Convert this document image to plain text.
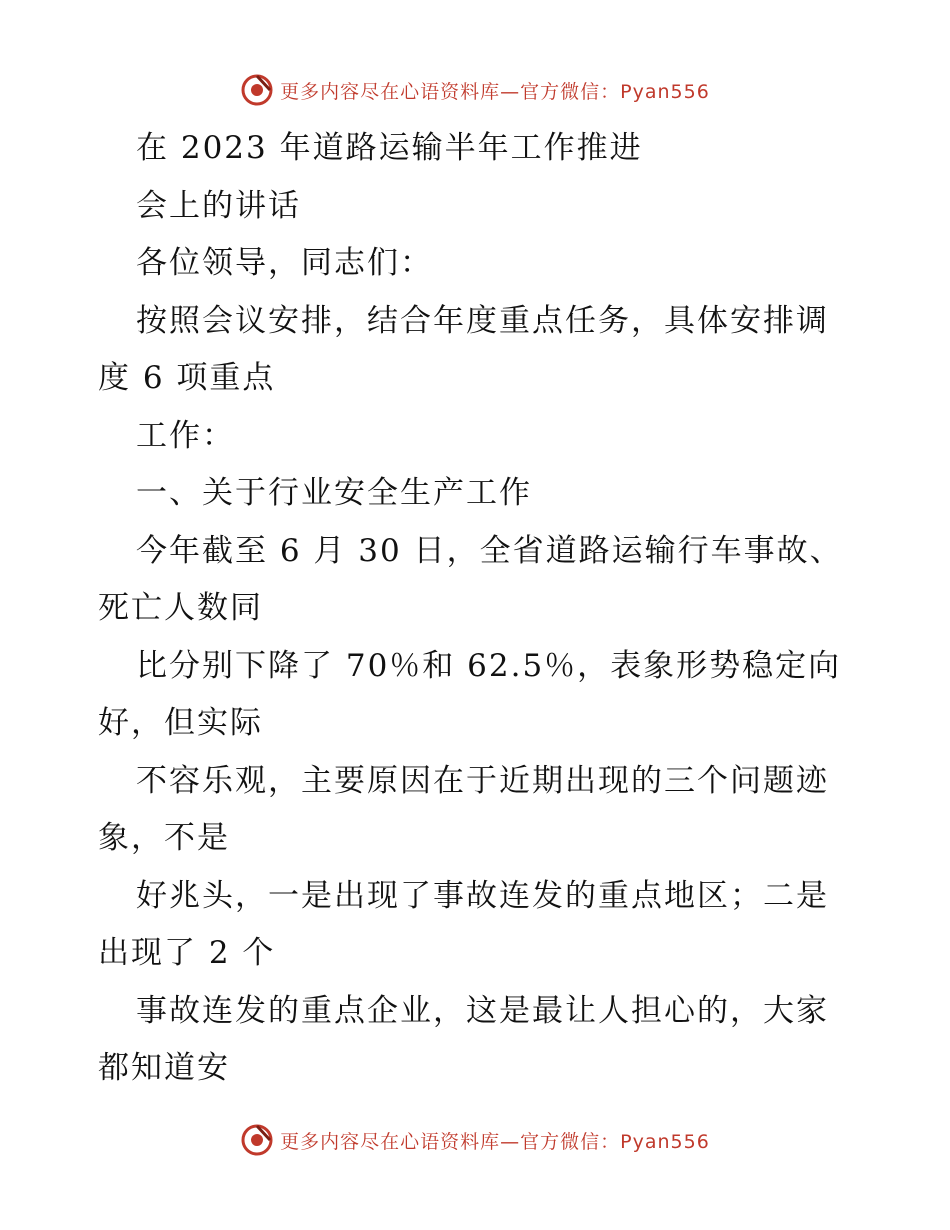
更多内容尽在心语资料库—官方微信：Pyan556
在 2023 年道路运输半年工作推进
会上的讲话
各位领导，同志们：
按照会议安排，结合年度重点任务，具体安排调
度 6 项重点
工作：
一、关于行业安全生产工作
今年截至 6 月 30 日，全省道路运输行车事故、
死亡人数同
比分别下降了 70％和 62.5％，表象形势稳定向
好，但实际
不容乐观，主要原因在于近期出现的三个问题迹
象，不是
好兆头，一是出现了事故连发的重点地区；二是
出现了 2 个
事故连发的重点企业，这是最让人担心的，大家
都知道安
更多内容尽在心语资料库—官方微信：Pyan556
